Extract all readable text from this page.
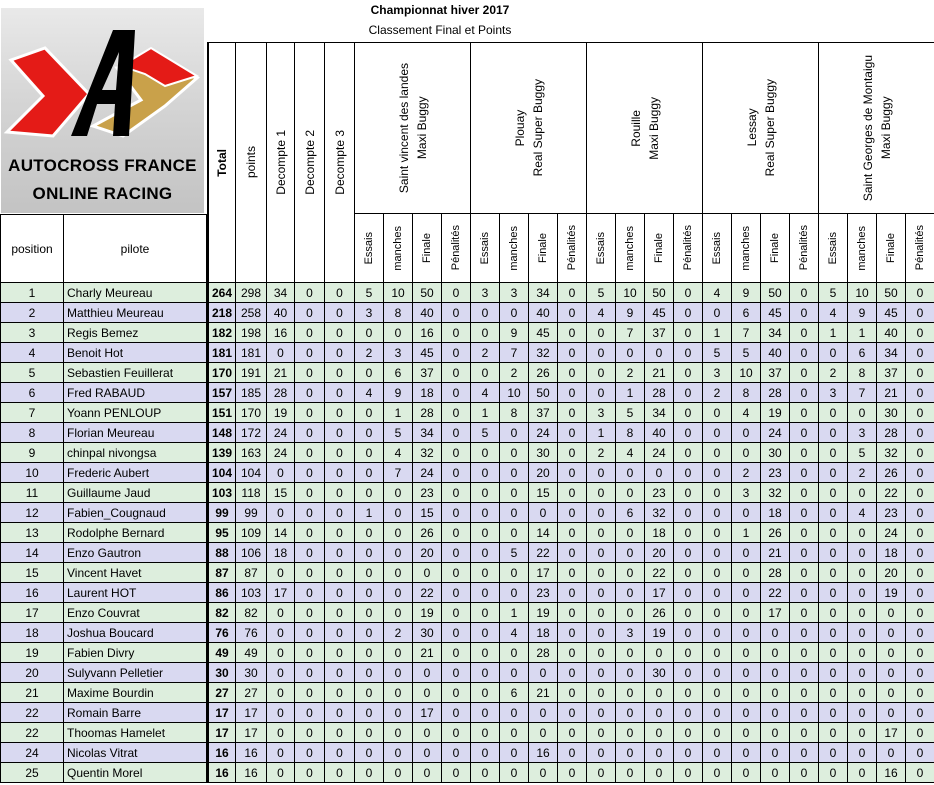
AUTOCROSS FRANCE
ONLINE RACING
Championnat hiver 2017
Classement Final et Points
position	pilote
Total points Decompte 1 Decompte 2 Decompte 3	Saint vincent des landes
Maxi Buggy
Essais manches Finale Pénalités
Plouay
Real Super Buggy
Essais manches Finale Pénalités
Rouille
Maxi Buggy
Essais manches Finale Pénalités
Lessay
Real Super Buggy
Essais manches Finale Pénalités
Saint Georges de Montaigu
Maxi Buggy
Essais manches Finale Pénalités
1	Charly Meureau	264 298 34 0 0 5 10 50 0 3 3 34 0 5 10 50 0 4 9 50 0 5 10 50 0
2	Matthieu Meureau	218 258 40 0 0 3 8 40 0 0 0 40 0 4 9 45 0 0 6 45 0 4 9 45 0
3	Regis Bemez	182 198 16 0 0 0 0 16 0 0 9 45 0 0 7 37 0 1 7 34 0 1 1 40 0
4	Benoit Hot	181 181 0 0 0 2 3 45 0 2 7 32 0 0 0 0 0 5 5 40 0 0 6 34 0
5	Sebastien Feuillerat	170 191 21 0 0 0 6 37 0 0 2 26 0 0 2 21 0 3 10 37 0 2 8 37 0
6	Fred RABAUD	157 185 28 0 0 4 9 18 0 4 10 50 0 0 1 28 0 2 8 28 0 3 7 21 0
7	Yoann PENLOUP	151 170 19 0 0 0 1 28 0 1 8 37 0 3 5 34 0 0 4 19 0 0 0 30 0
8	Florian Meureau	148 172 24 0 0 0 5 34 0 5 0 24 0 1 8 40 0 0 0 24 0 0 3 28 0
9	chinpal nivongsa	139 163 24 0 0 0 4 32 0 0 0 30 0 2 4 24 0 0 0 30 0 0 5 32 0
10 Frederic Aubert	104 104 0 0 0 0 7 24 0 0 0 20 0 0 0 0 0 0 2 23 0 0 2 26 0
11 Guillaume Jaud	103 118 15 0 0 0 0 23 0 0 0 15 0 0 0 23 0 0 3 32 0 0 0 22 0
12 Fabien_Cougnaud	99 99 0 0 0 1 0 15 0 0 0 0 0 0 6 32 0 0 0 18 0 0 4 23 0
13 Rodolphe Bernard	95 109 14 0 0 0 0 26 0 0 0 14 0 0 0 18 0 0 1 26 0 0 0 24 0
14 Enzo Gautron	88 106 18 0 0 0 0 20 0 0 5 22 0 0 0 20 0 0 0 21 0 0 0 18 0
15 Vincent Havet	87 87 0 0 0 0 0 0 0 0 0 17 0 0 0 22 0 0 0 28 0 0 0 20 0
16 Laurent HOT	86 103 17 0 0 0 0 22 0 0 0 23 0 0 0 17 0 0 0 22 0 0 0 19 0
17 Enzo Couvrat	82 82 0 0 0 0 0 19 0 0 1 19 0 0 0 26 0 0 0 17 0 0 0 0 0
18 Joshua Boucard	76 76 0 0 0 0 2 30 0 0 4 18 0 0 3 19 0 0 0 0 0 0 0 0 0
19 Fabien Divry	49 49 0 0 0 0 0 21 0 0 0 28 0 0 0 0 0 0 0 0 0 0 0 0 0
20 Sulyvann Pelletier	30 30 0 0 0 0 0 0 0 0 0 0 0 0 0 30 0 0 0 0 0 0 0 0 0
21 Maxime Bourdin	27 27 0 0 0 0 0 0 0 0 6 21 0 0 0 0 0 0 0 0 0 0 0 0 0
22 Romain Barre	17 17 0 0 0 0 0 17 0 0 0 0 0 0 0 0 0 0 0 0 0 0 0 0 0
22 Thoomas Hamelet	17 17 0 0 0 0 0 0 0 0 0 0 0 0 0 0 0 0 0 0 0 0 0 17 0
24 Nicolas Vitrat	16 16 0 0 0 0 0 0 0 0 0 16 0 0 0 0 0 0 0 0 0 0 0 0 0
25 Quentin Morel	16 16 0 0 0 0 0 0 0 0 0 0 0 0 0 0 0 0 0 0 0 0 0 16 0
